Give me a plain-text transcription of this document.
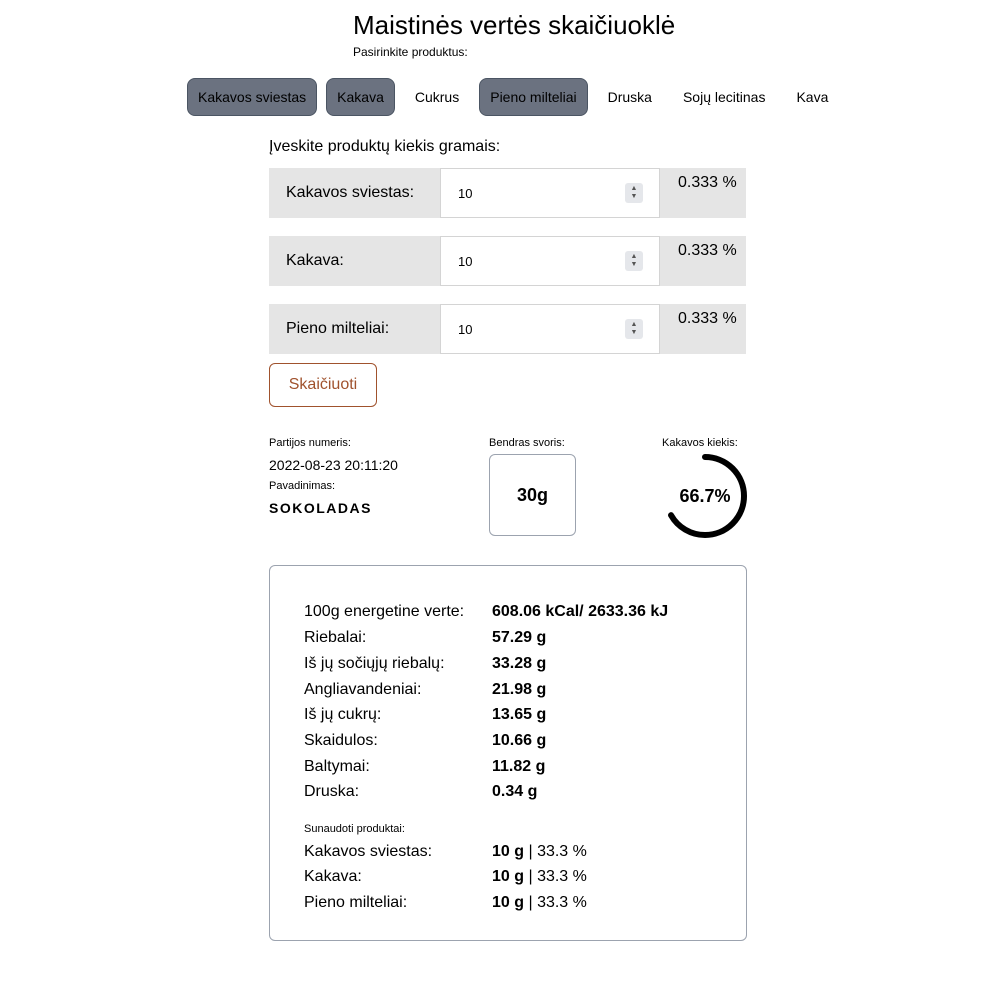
Maistinės vertės skaičiuoklė
Pasirinkite produktus:
Kakavos sviestas	Kakava	Cukrus	Pieno milteliai	Druska	Sojų lecitinas	Kava
Įveskite produktų kiekis gramais:
Kakavos sviestas:	10	▲
▼
0.333 %
Kakava:	10	▲
▼
0.333 %
Pieno milteliai:	10	▲
▼
0.333 %
Skaičiuoti
Partijos numeris:
2022-08-23 20:11:20
Pavadinimas:
SOKOLADAS
Bendras svoris:
30g
Kakavos kiekis:
66.7%
100g energetine verte: 608.06 kCal/ 2633.36 kJ
Riebalai:	57.29 g
Iš jų sočiųjų riebalų:	33.28 g
Angliavandeniai:	21.98 g
Iš jų cukrų:	13.65 g
Skaidulos:	10.66 g
Baltymai:	11.82 g
Druska:	0.34 g
Sunaudoti produktai:
Kakavos sviestas:	10 g | 33.3 %
Kakava:	10 g | 33.3 %
Pieno milteliai:	10 g | 33.3 %
